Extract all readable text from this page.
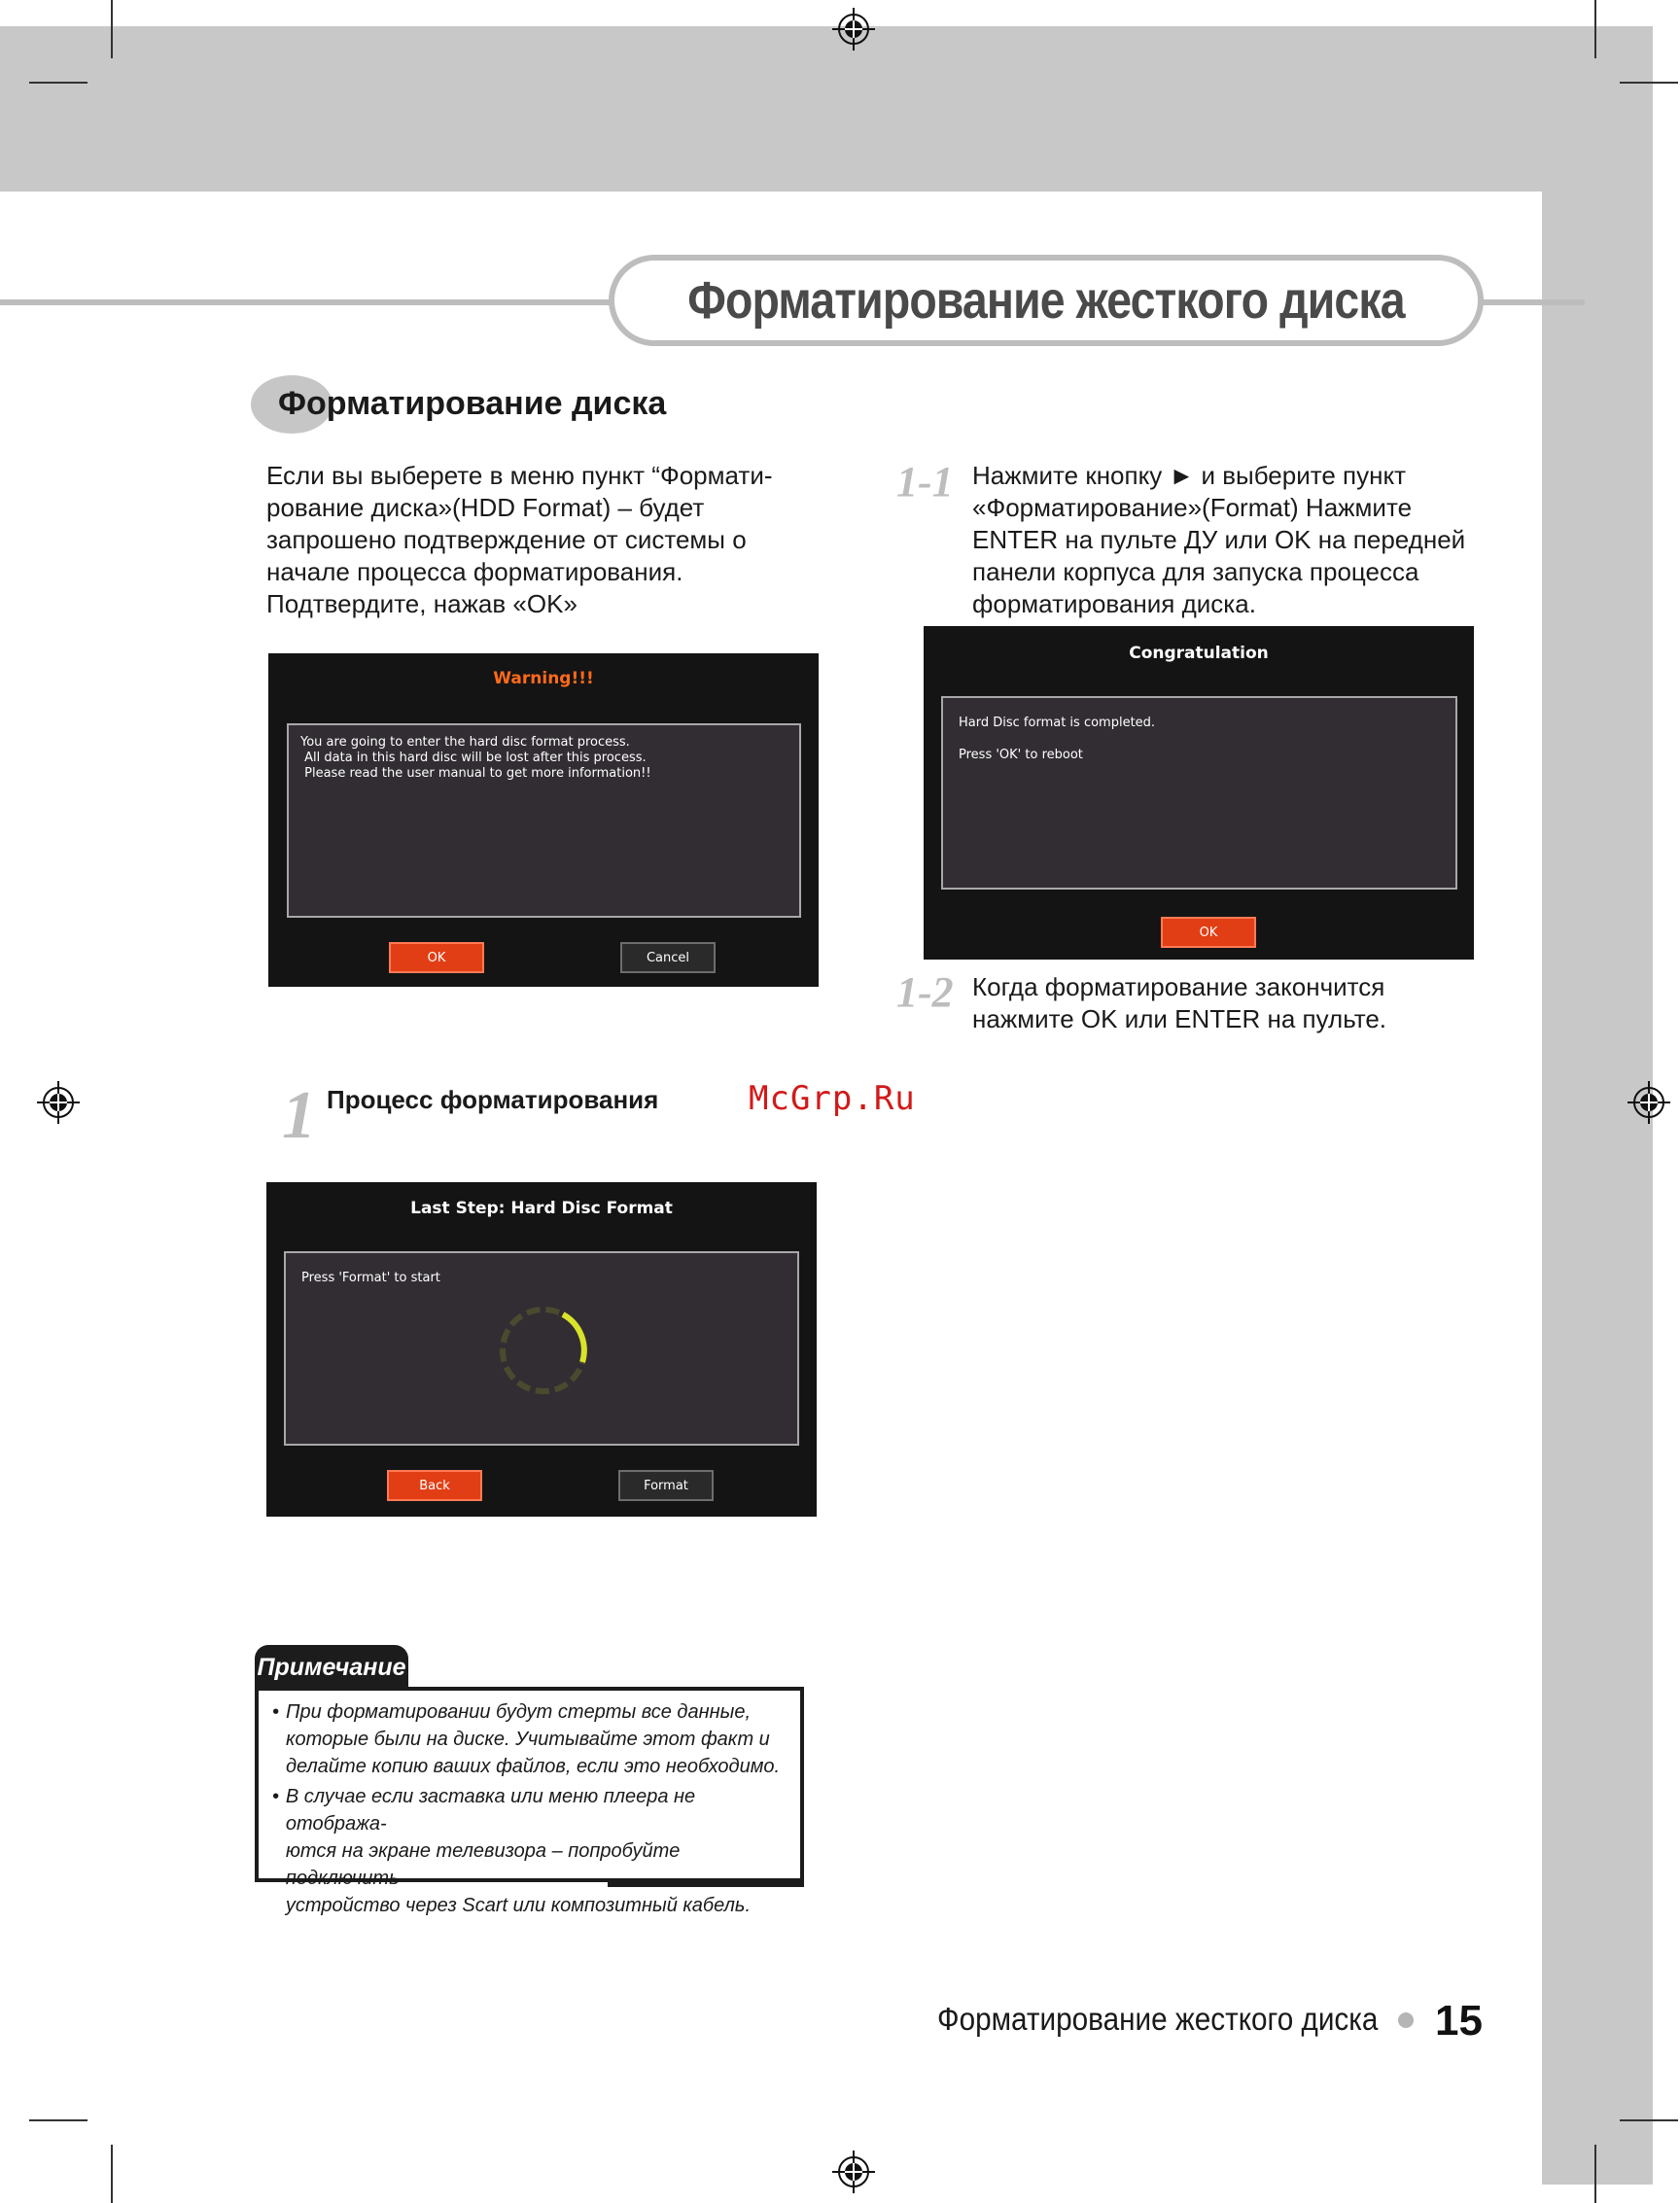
Форматирование жесткого диска
Форматирование диска
Если вы выберете в меню пункт “Формати-
рование диска»(HDD Format) – будет
запрошено подтверждение от системы о
начале процесса форматирования.
Подтвердите, нажав «OK»
Warning!!!
You are going to enter the hard disc format process.
All data in this hard disc will be lost after this process.
Please read the user manual to get more information!!
OK	Cancel
1-1 Нажмите кнопку ► и выберите пункт
«Форматирование»(Format) Нажмите
ENTER на пульте ДУ или OK на передней
панели корпуса для запуска процесса
форматирования диска.
Congratulation
Hard Disc format is completed.
Press 'OK' to reboot
OK
1-2 Когда форматирование закончится
нажмите OK или ENTER на пульте.
1 Процесс форматирования	McGrp.Ru
Last Step: Hard Disc Format
Press 'Format' to start
Back	Format
Примечание
• При форматировании будут стерты все данные,
которые были на диске. Учитывайте этот факт и
делайте копию ваших файлов, если это необходимо.
• В случае если заставка или меню плеера не отобража-
ются на экране телевизора – попробуйте подключить
устройство через Scart или композитный кабель.
Форматирование жесткого диска 15
